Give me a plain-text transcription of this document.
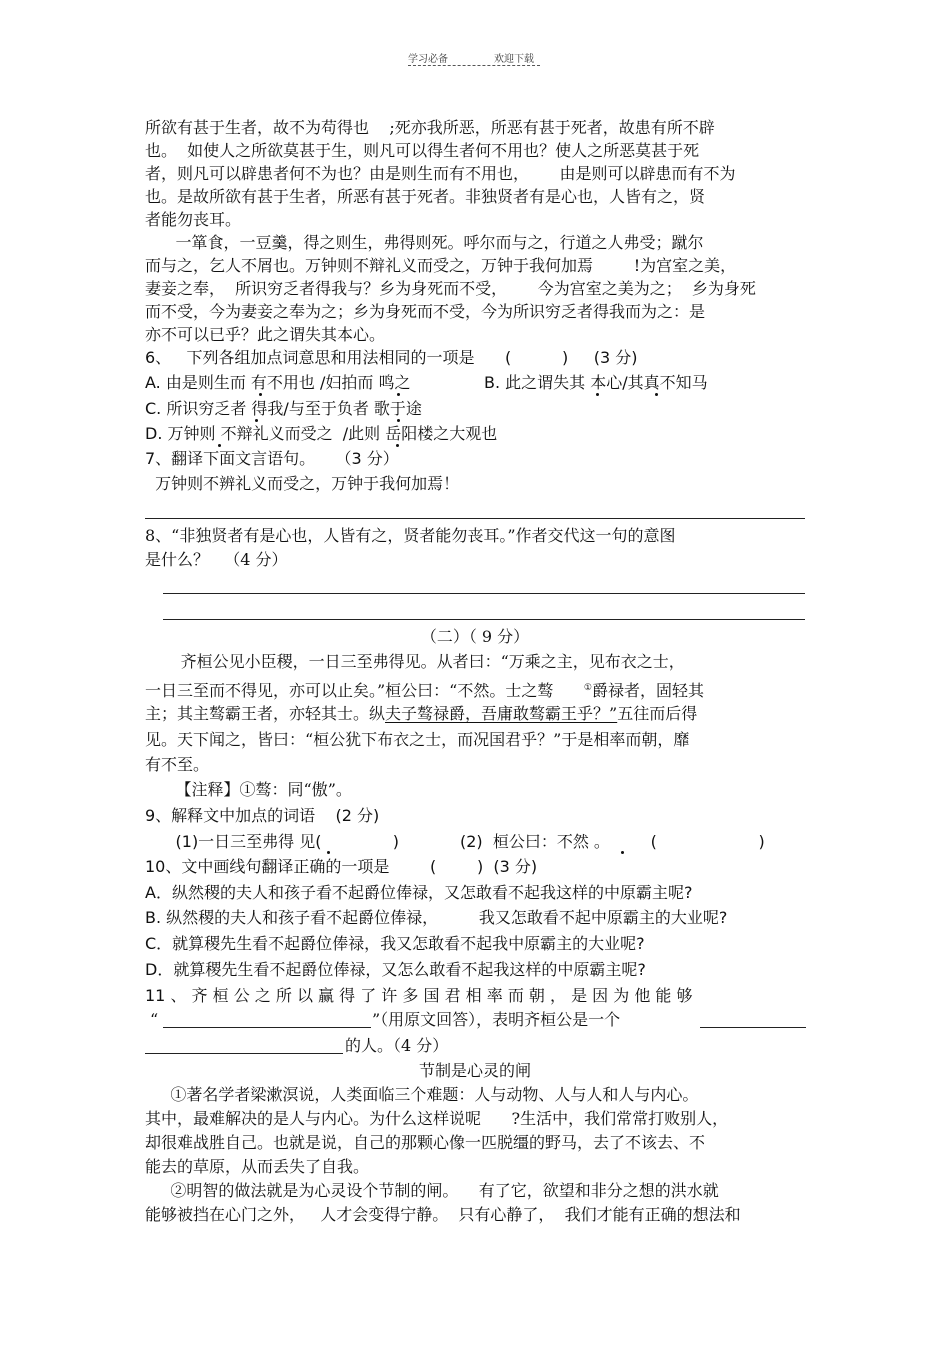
学习必备	欢迎下载
所欲有甚于生者，故不为苟得也    ;死亦我所恶，所恶有甚于死者，故患有所不辟
也。  如使人之所欲莫甚于生，则凡可以得生者何不用也？使人之所恶莫甚于死
者，则凡可以辟患者何不为也？由是则生而有不用也，      由是则可以辟患而有不为
也。是故所欲有甚于生者，所恶有甚于死者。非独贤者有是心也，人皆有之，贤
者能勿丧耳。
一箪食，一豆羹，得之则生，弗得则死。呼尔而与之，行道之人弗受；蹴尔
而与之，乞人不屑也。万钟则不辩礼义而受之，万钟于我何加焉        !为宫室之美，
妻妾之奉，  所识穷乏者得我与？乡为身死而不受，      今为宫室之美为之；  乡为身死
而不受，今为妻妾之奉为之；乡为身死而不受，今为所识穷乏者得我而为之：是
亦不可以已乎？此之谓失其本心。
6、   下列各组加点词意思和用法相同的一项是      (          )     (3 分)
A. 由是则生而 有不用也 /妇拍而 鸣之	B. 此之谓失其 本心/其真不知马
C. 所识穷乏者 得我/与至于负者 歌于途
D. 万钟则 不辩礼义而受之  /此则 岳阳楼之大观也
7、翻译下面文言语句。    （3 分）
万钟则不辨礼义而受之，万钟于我何加焉！
8、“非独贤者有是心也，人皆有之，贤者能勿丧耳。”作者交代这一句的意图
是什么？   （4 分）
（二）（ 9 分）
齐桓公见小臣稷，一日三至弗得见。从者曰：“万乘之主，见布衣之士，
一日三至而不得见，亦可以止矣。”桓公曰：“不然。士之骜      ①爵禄者，固轻其
主；其主骜霸王者，亦轻其士。纵夫子骜禄爵，吾庸敢骜霸王乎？”五往而后得
见。天下闻之，皆曰：“桓公犹下布衣之士，而况国君乎？”于是相率而朝，靡
有不至。
【注释】①骜：同“傲”。
9、解释文中加点的词语    (2 分)
(1)一日三至弗得 见(              )            (2)  桓公曰：不然 。        (                    )
10、文中画线句翻译正确的一项是        (        )  (3 分)
A．纵然稷的夫人和孩子看不起爵位俸禄，又怎敢看不起我这样的中原霸主呢?
B. 纵然稷的夫人和孩子看不起爵位俸禄，        我又怎敢看不起中原霸主的大业呢?
C．就算稷先生看不起爵位俸禄，我又怎敢看不起我中原霸主的大业呢?
D．就算稷先生看不起爵位俸禄，又怎么敢看不起我这样的中原霸主呢?
11 、 齐 桓 公 之 所 以 赢 得 了 许 多 国 君 相 率 而 朝 ， 是 因 为 他 能 够
“	”（用原文回答），表明齐桓公是一个
的人。（4 分）
节制是心灵的闸
①著名学者梁漱溟说，人类面临三个难题：人与动物、人与人和人与内心。
其中，最难解决的是人与内心。为什么这样说呢      ?生活中，我们常常打败别人，
却很难战胜自己。也就是说，自己的那颗心像一匹脱缰的野马，去了不该去、不
能去的草原，从而丢失了自我。
②明智的做法就是为心灵设个节制的闸。    有了它，欲望和非分之想的洪水就
能够被挡在心门之外，   人才会变得宁静。  只有心静了，  我们才能有正确的想法和
